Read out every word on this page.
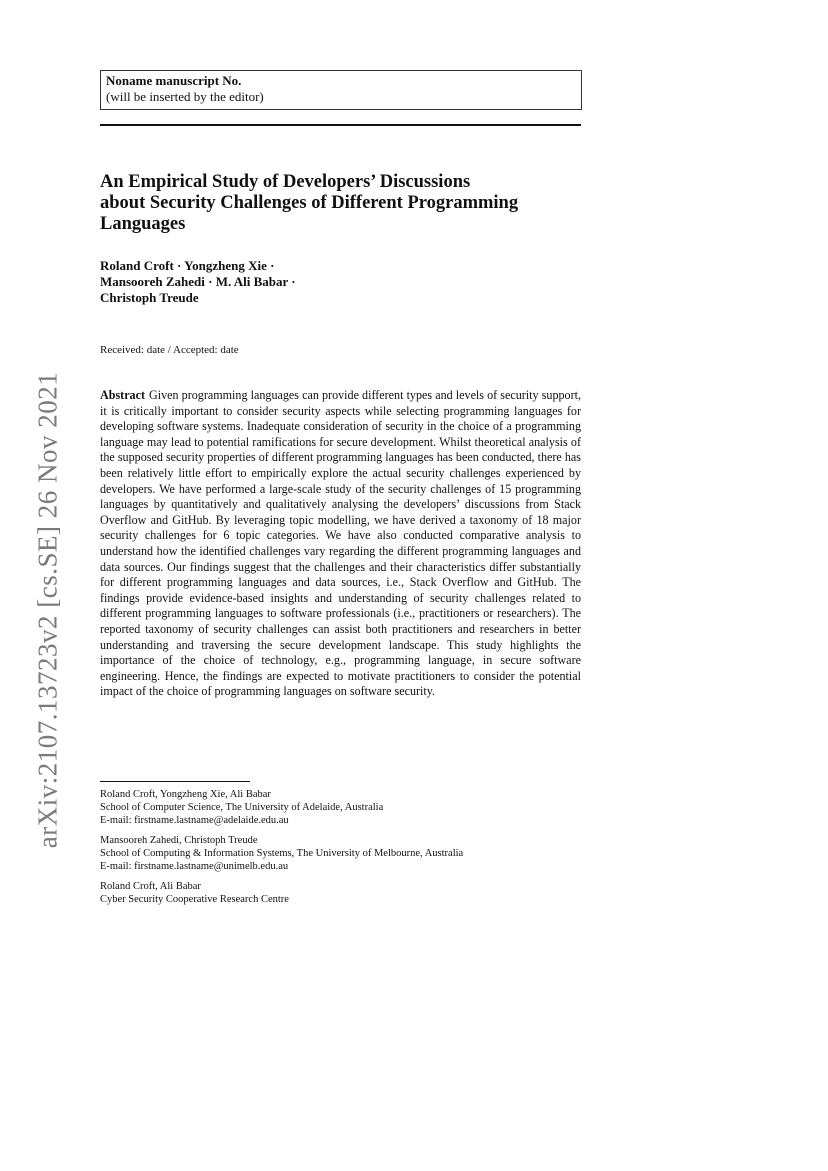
arXiv:2107.13723v2 [cs.SE] 26 Nov 2021
Noname manuscript No.
(will be inserted by the editor)
An Empirical Study of Developers’ Discussions
about Security Challenges of Different Programming
Languages
Roland Croft · Yongzheng Xie ·
Mansooreh Zahedi · M. Ali Babar ·
Christoph Treude
Received: date / Accepted: date
Abstract Given programming languages can provide different types and levels of security support, it is critically important to consider security aspects while selecting programming languages for developing software systems. Inadequate consideration of security in the choice of a programming language may lead to potential ramifications for secure development. Whilst theoretical analysis of the supposed security properties of different programming languages has been conducted, there has been relatively little effort to empirically explore the actual security challenges experienced by developers. We have performed a large-scale study of the security challenges of 15 programming languages by quantitatively and qualitatively analysing the developers’ discussions from Stack Overflow and GitHub. By leveraging topic modelling, we have derived a taxonomy of 18 major security challenges for 6 topic categories. We have also conducted comparative analysis to understand how the identified challenges vary regarding the different programming languages and data sources. Our findings suggest that the challenges and their characteristics differ substantially for different programming languages and data sources, i.e., Stack Overflow and GitHub. The findings provide evidence-based insights and understanding of security challenges related to different programming languages to software professionals (i.e., practitioners or researchers). The reported taxonomy of security challenges can assist both practitioners and researchers in better understanding and traversing the secure development landscape. This study highlights the importance of the choice of technology, e.g., programming language, in secure software engineering. Hence, the findings are expected to motivate practitioners to consider the potential impact of the choice of programming languages on software security.
Roland Croft, Yongzheng Xie, Ali Babar
School of Computer Science, The University of Adelaide, Australia
E-mail: firstname.lastname@adelaide.edu.au
Mansooreh Zahedi, Christoph Treude
School of Computing & Information Systems, The University of Melbourne, Australia
E-mail: firstname.lastname@unimelb.edu.au
Roland Croft, Ali Babar
Cyber Security Cooperative Research Centre
